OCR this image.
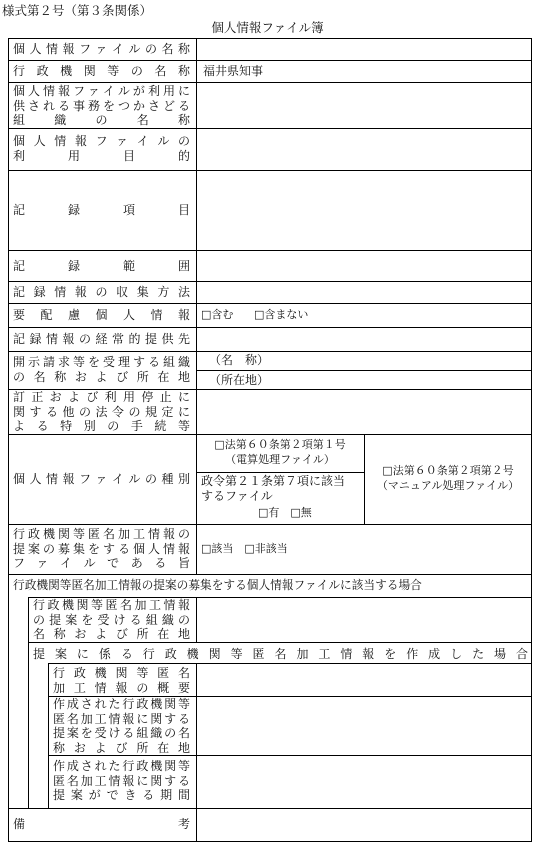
様式第２号（第３条関係）
個人情報ファイル簿
個人情報ファイルの名称
行政機関等の名称 福井県知事
個人情報ファイルが利用に
供される事務をつかさどる
組織の名称
個人情報ファイルの
利用目的
記録項目
記録範囲
記録情報の収集方法
要配慮個人情報 □含む □含まない
記録情報の経常的提供先
開示請求等を受理する組織
の名称および所在地
（名　称）
（所在地）
訂正および利用停止に
関する他の法令の規定に
よる特別の手続等
個人情報ファイルの種別
□法第６０条第２項第１号
（電算処理ファイル）
政令第２１条第７項に該当
するファイル
□有　□無
□法第６０条第２項第２号
（マニュアル処理ファイル）
行政機関等匿名加工情報の
提案の募集をする個人情報
ファイルである旨
□該当　□非該当
行政機関等匿名加工情報の提案の募集をする個人情報ファイルに該当する場合
行政機関等匿名加工情報
の提案を受ける組織の
名称および所在地
提案に係る行政機関等匿名加工情報を作成した場合
行政機関等匿名
加工情報の概要
作成された行政機関等
匿名加工情報に関する
提案を受ける組織の名
称および所在地
作成された行政機関等
匿名加工情報に関する
提案ができる期間
備考
